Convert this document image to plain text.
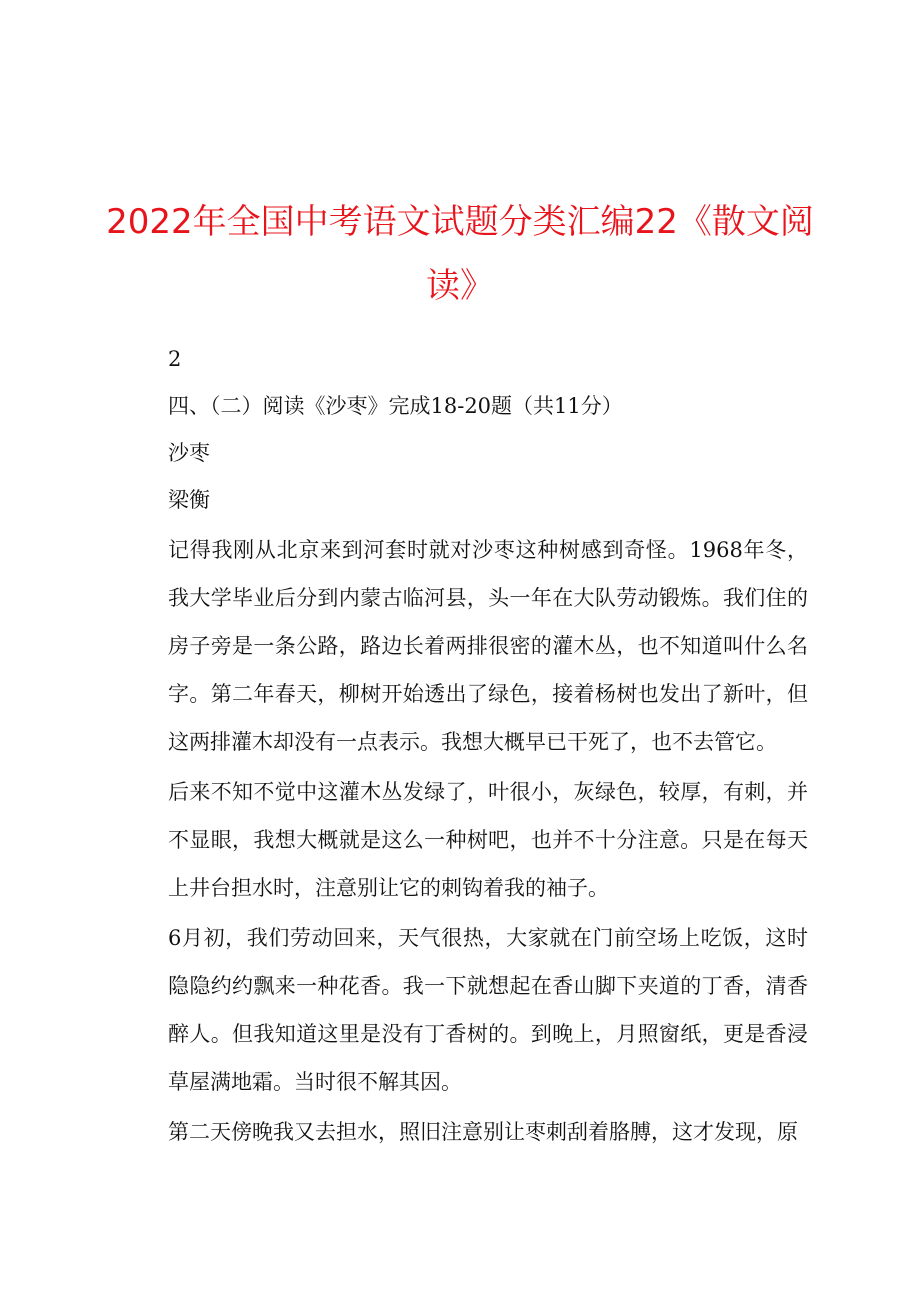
2022年全国中考语文试题分类汇编22《散文阅读》
2
四、（二）阅读《沙枣》完成18-20题（共11分）
沙枣
梁衡
记得我刚从北京来到河套时就对沙枣这种树感到奇怪。1968年冬，我大学毕业后分到内蒙古临河县，头一年在大队劳动锻炼。我们住的房子旁是一条公路，路边长着两排很密的灌木丛，也不知道叫什么名字。第二年春天，柳树开始透出了绿色，接着杨树也发出了新叶，但这两排灌木却没有一点表示。我想大概早已干死了，也不去管它。
后来不知不觉中这灌木丛发绿了，叶很小，灰绿色，较厚，有刺，并不显眼，我想大概就是这么一种树吧，也并不十分注意。只是在每天上井台担水时，注意别让它的刺钩着我的袖子。
6月初，我们劳动回来，天气很热，大家就在门前空场上吃饭，这时隐隐约约飘来一种花香。我一下就想起在香山脚下夹道的丁香，清香醉人。但我知道这里是没有丁香树的。到晚上，月照窗纸，更是香浸草屋满地霜。当时很不解其因。
第二天傍晚我又去担水，照旧注意别让枣刺刮着胳膊，这才发现，原
